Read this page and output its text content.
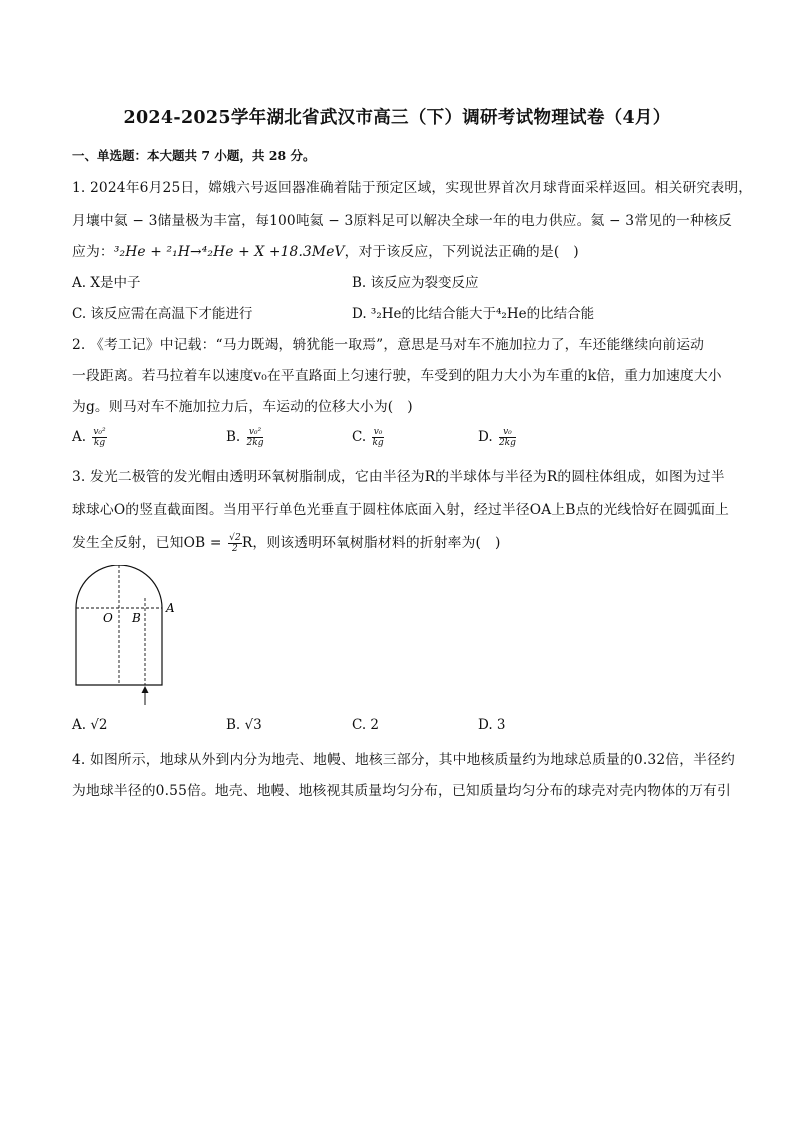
2024-2025学年湖北省武汉市高三（下）调研考试物理试卷（4月）
一、单选题：本大题共 7 小题，共 28 分。
1. 2024年6月25日，嫦娥六号返回器准确着陆于预定区域，实现世界首次月球背面采样返回。相关研究表明，
月壤中氦 − 3储量极为丰富，每100吨氦 − 3原料足可以解决全球一年的电力供应。氦 − 3常见的一种核反
应为：³₂He + ²₁H→⁴₂He + X +18.3MeV，对于该反应，下列说法正确的是(　)
A. X是中子	B. 该反应为裂变反应
C. 该反应需在高温下才能进行	D. ³₂He的比结合能大于⁴₂He的比结合能
2. 《考工记》中记载：“马力既竭，辀犹能一取焉”，意思是马对车不施加拉力了，车还能继续向前运动
一段距离。若马拉着车以速度v₀在平直路面上匀速行驶，车受到的阻力大小为车重的k倍，重力加速度大小
为g。则马对车不施加拉力后，车运动的位移大小为(　)
A. $\frac{\text{v₀²}}{kg}$	B. $\frac{\text{v₀²}}{2kg}$	C. $\frac{\text{v₀}}{kg}$	D. $\frac{\text{v₀}}{2kg}$
3. 发光二极管的发光帽由透明环氧树脂制成，它由半径为R的半球体与半径为R的圆柱体组成，如图为过半
球球心O的竖直截面图。当用平行单色光垂直于圆柱体底面入射，经过半径OA上B点的光线恰好在圆弧面上
发生全反射，已知OB = $\frac{√2}{2}$ R，则该透明环氧树脂材料的折射率为(　)
O B
A
A. √2	B. √3	C. 2	D. 3
4. 如图所示，地球从外到内分为地壳、地幔、地核三部分，其中地核质量约为地球总质量的0.32倍，半径约
为地球半径的0.55倍。地壳、地幔、地核视其质量均匀分布，已知质量均匀分布的球壳对壳内物体的万有引
